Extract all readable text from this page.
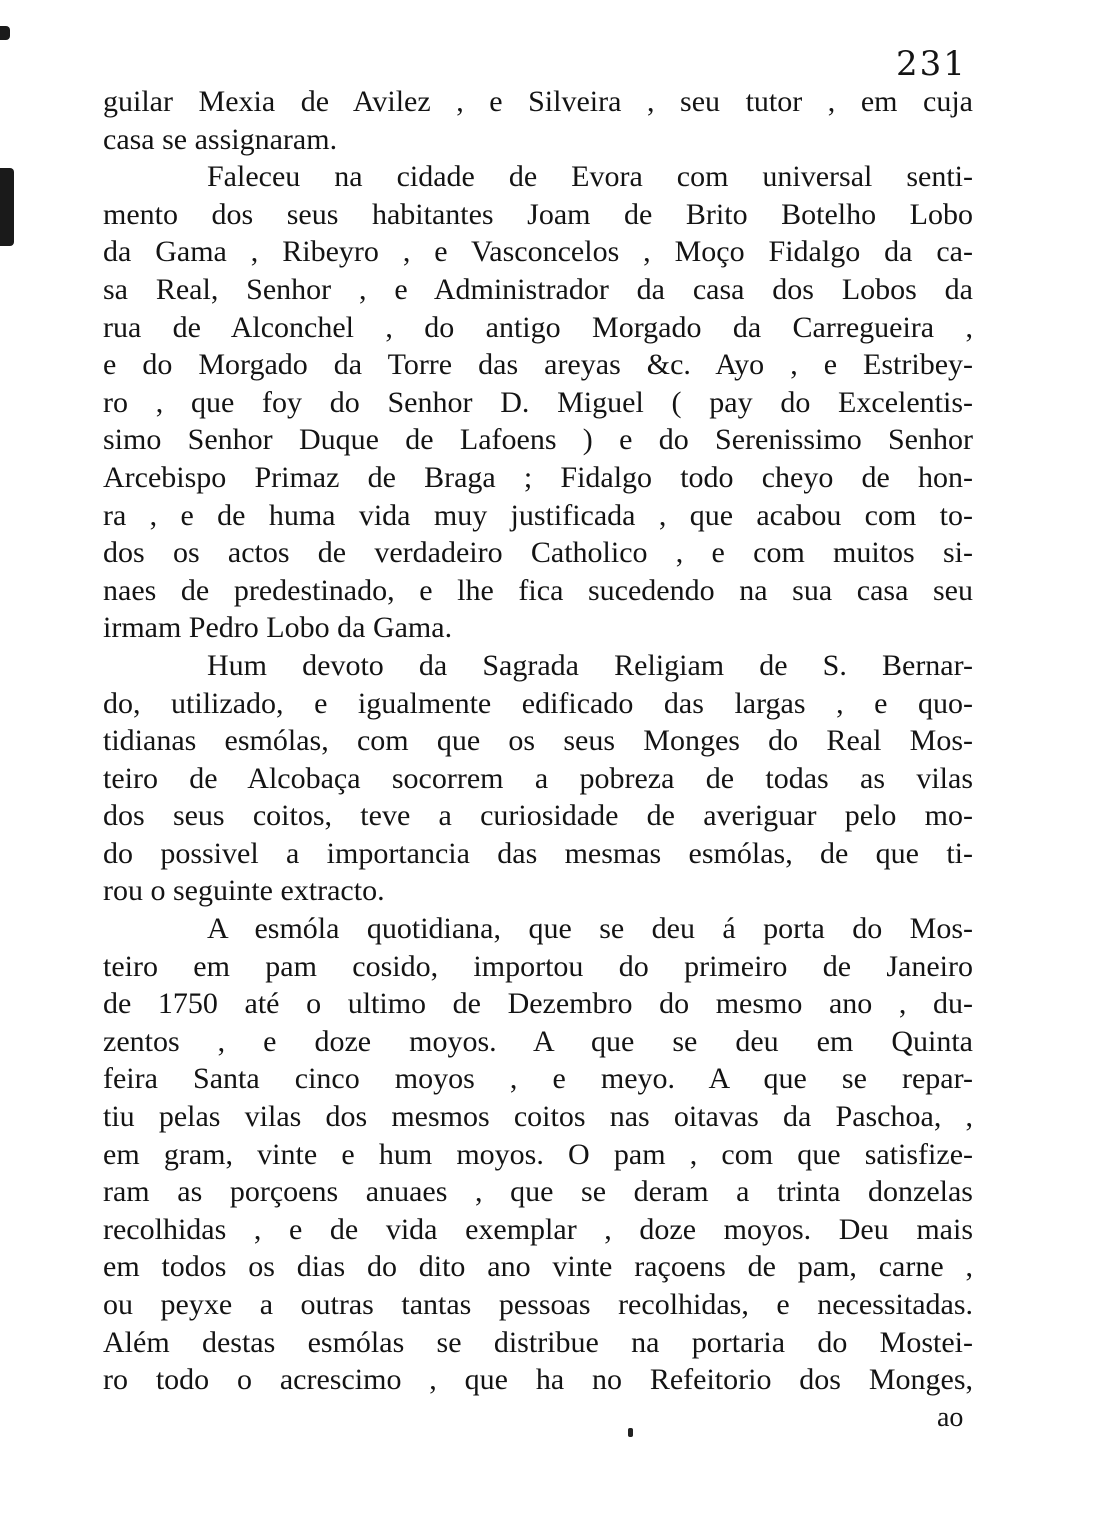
231
guilar Mexia de Avilez , e Silveira , seu tutor , em cuja
casa se assignaram.
Faleceu na cidade de Evora com universal senti-
mento dos seus habitantes Joam de Brito Botelho Lobo
da Gama , Ribeyro , e Vasconcelos , Moço Fidalgo da ca-
sa Real, Senhor , e Administrador da casa dos Lobos da
rua de Alconchel , do antigo Morgado da Carregueira ,
e do Morgado da Torre das areyas &c. Ayo , e Estribey-
ro , que foy do Senhor D. Miguel ( pay do Excelentis-
simo Senhor Duque de Lafoens ) e do Serenissimo Senhor
Arcebispo Primaz de Braga ; Fidalgo todo cheyo de hon-
ra , e de huma vida muy justificada , que acabou com to-
dos os actos de verdadeiro Catholico , e com muitos si-
naes de predestinado, e lhe fica sucedendo na sua casa seu
irmam Pedro Lobo da Gama.
Hum devoto da Sagrada Religiam de S. Bernar-
do, utilizado, e igualmente edificado das largas , e quo-
tidianas esmólas, com que os seus Monges do Real Mos-
teiro de Alcobaça socorrem a pobreza de todas as vilas
dos seus coitos, teve a curiosidade de averiguar pelo mo-
do possivel a importancia das mesmas esmólas, de que ti-
rou o seguinte extracto.
A esmóla quotidiana, que se deu á porta do Mos-
teiro em pam cosido, importou do primeiro de Janeiro
de 1750 até o ultimo de Dezembro do mesmo ano , du-
zentos , e doze moyos. A que se deu em Quinta
feira Santa cinco moyos , e meyo. A que se repar-
tiu pelas vilas dos mesmos coitos nas oitavas da Paschoa, ,
em gram, vinte e hum moyos. O pam , com que satisfize-
ram as porçoens anuaes , que se deram a trinta donzelas
recolhidas , e de vida exemplar , doze moyos. Deu mais
em todos os dias do dito ano vinte raçoens de pam, carne ,
ou peyxe a outras tantas pessoas recolhidas, e necessitadas.
Além destas esmólas se distribue na portaria do Mostei-
ro todo o acrescimo , que ha no Refeitorio dos Monges,
ao
